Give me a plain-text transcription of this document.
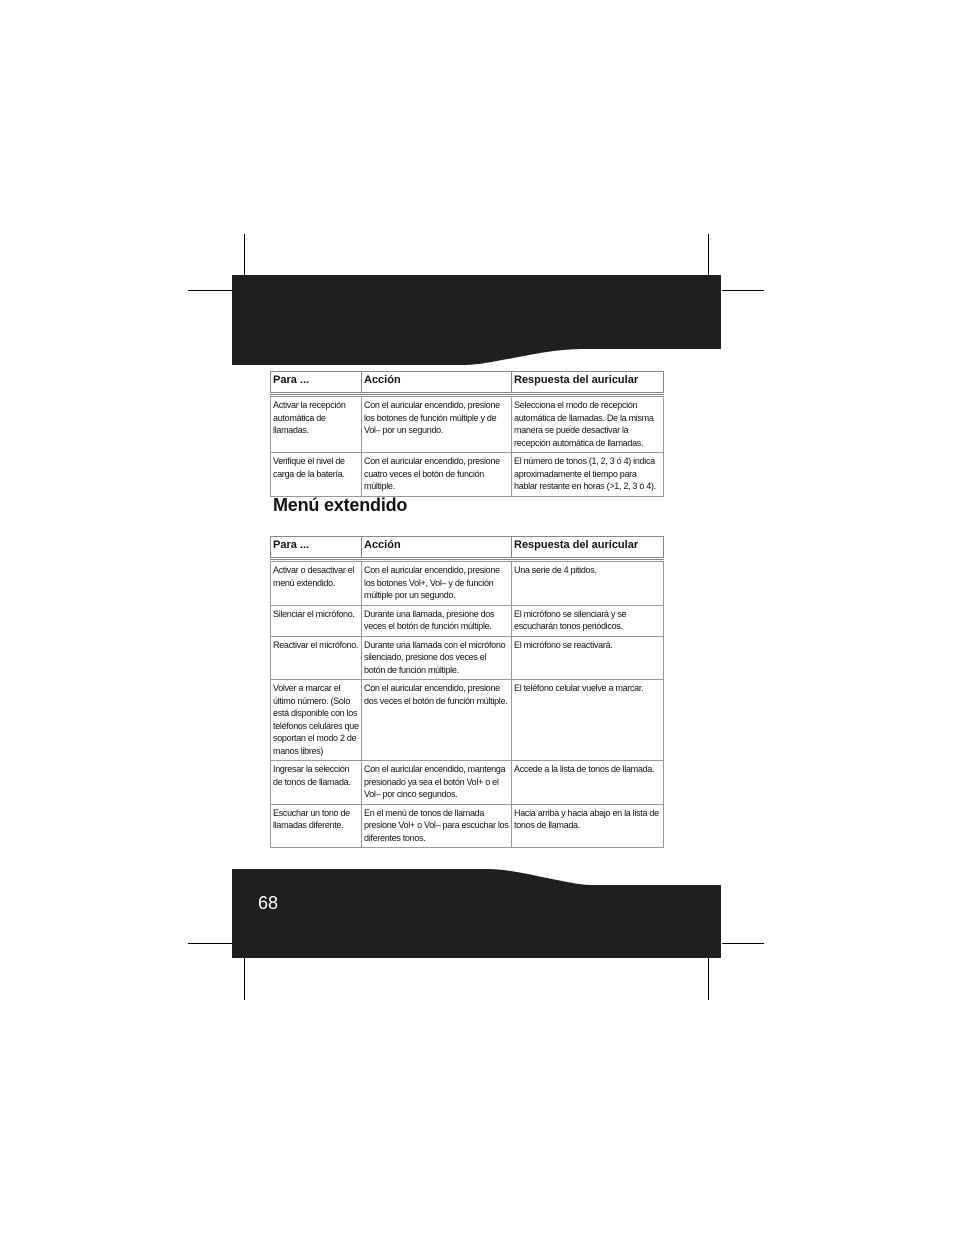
Para ...	Acción	Respuesta del auricular

Activar la recepción automática de llamadas.	Con el auricular encendido, presione los botones de función múltiple y de Vol– por un segundo.	Selecciona el modo de recepción automática de llamadas. De la misma manera se puede desactivar la recepción automática de llamadas.
Verifique el nivel de carga de la batería.	Con el auricular encendido, presione cuatro veces el botón de función múltiple.	El número de tonos (1, 2, 3 ó 4) indica aproximadamente el tiempo para hablar restante en horas (>1, 2, 3 ó 4).
Menú extendido
Para ...	Acción	Respuesta del auricular

Activar o desactivar el menú extendido.	Con el auricular encendido, presione los botones Vol+, Vol– y de función múltiple por un segundo.	Una serie de 4 pitidos.
Silenciar el micrófono.	Durante una llamada, presione dos veces el botón de función múltiple.	El micrófono se silenciará y se escucharán tonos periódicos.
Reactivar el micrófono.	Durante una llamada con el micrófono silenciado, presione dos veces el botón de función múltiple.	El micrófono se reactivará.
Volver a marcar el último número. (Solo está disponible con los teléfonos celulares que soportan el modo 2 de manos libres)	Con el auricular encendido, presione dos veces el botón de función múltiple.	El teléfono celular vuelve a marcar.
Ingresar la selección de tonos de llamada.	Con el auricular encendido, mantenga presionado ya sea el botón Vol+ o el Vol– por cinco segundos.	Accede a la lista de tonos de llamada.
Escuchar un tono de llamadas diferente.	En el menú de tonos de llamada presione Vol+ o Vol– para escuchar los diferentes tonos.	Hacia arriba y hacia abajo en la lista de tonos de llamada.
68
